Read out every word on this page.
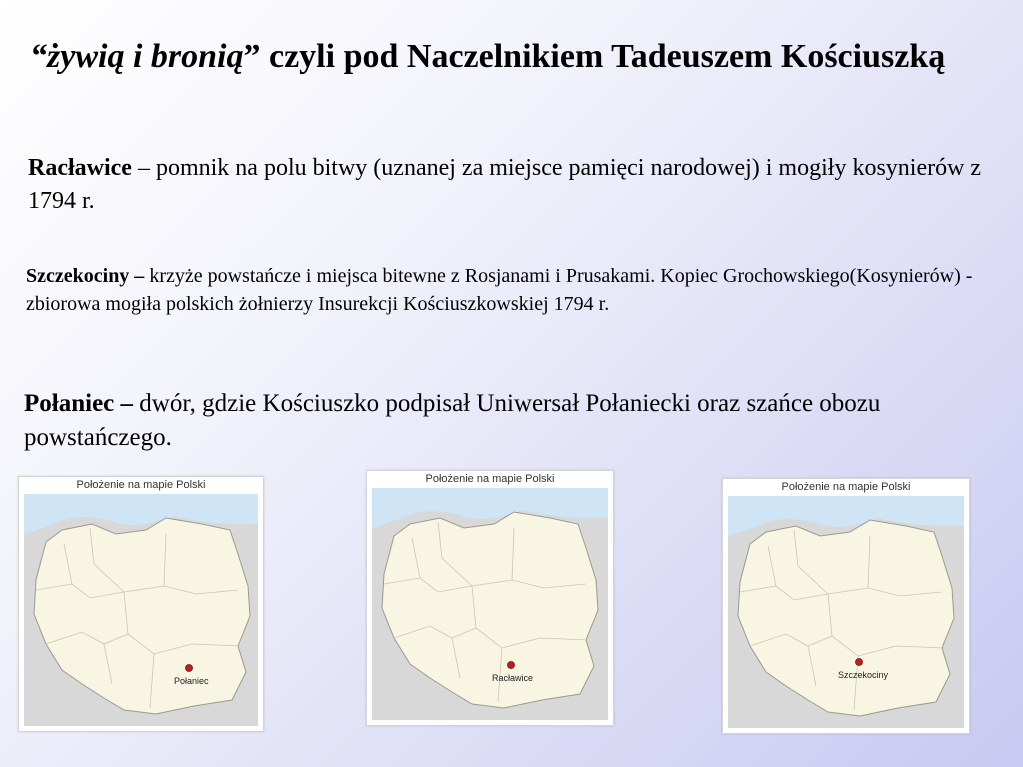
“żywią i bronią” czyli pod Naczelnikiem Tadeuszem Kościuszką

Racławice – pomnik na polu bitwy (uznanej za miejsce pamięci narodowej) i mogiły kosynierów z 1794 r.

Szczekociny – krzyże powstańcze i miejsca bitewne z Rosjanami i Prusakami. Kopiec Grochowskiego(Kosynierów) - zbiorowa mogiła polskich żołnierzy Insurekcji Kościuszkowskiej 1794 r.

Połaniec – dwór, gdzie Kościuszko podpisał Uniwersał Połaniecki oraz szańce obozu powstańczego.

Położenie na mapie Polski
Połaniec
Położenie na mapie Polski
Racławice
Położenie na mapie Polski
Szczekociny
